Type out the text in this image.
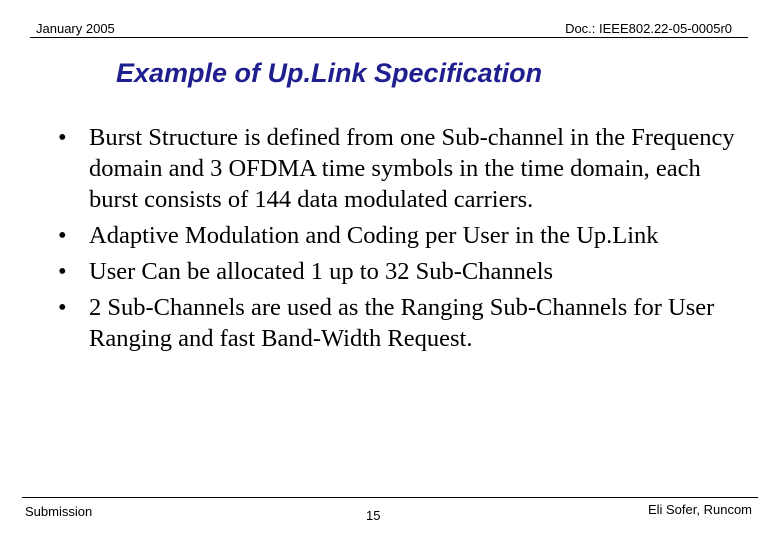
January 2005	Doc.: IEEE802.22-05-0005r0
Example of Up.Link Specification
• Burst Structure is defined from one Sub-channel in the Frequency domain and 3 OFDMA time symbols in the time domain, each burst consists of 144 data modulated carriers.
• Adaptive Modulation and Coding per User in the Up.Link
• User Can be allocated 1 up to 32 Sub-Channels
• 2 Sub-Channels are used as the Ranging Sub-Channels for User Ranging and fast Band-Width Request.
Submission	15	Eli Sofer, Runcom
